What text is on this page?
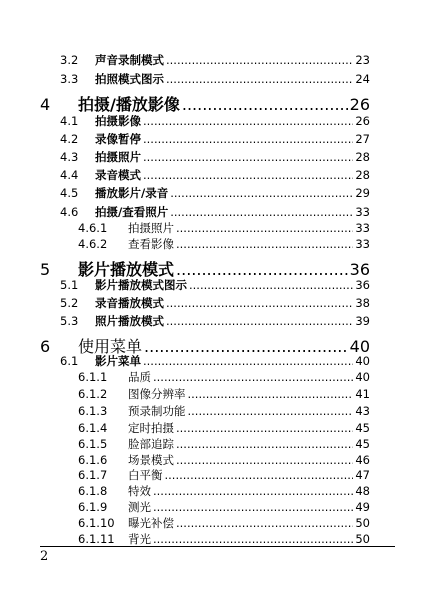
3.2	声音录制模式 .....	23
3.3	拍照模式图示 .....	24
4	拍摄/播放影像 .....	26
4.1	拍摄影像 .....	26
4.2	录像暂停 .....	27
4.3	拍摄照片 .....	28
4.4	录音模式 .....	28
4.5	播放影片/录音 .....	29
4.6	拍摄/查看照片 .....	33
4.6.1	拍摄照片 .....	33
4.6.2	查看影像 .....	33
5	影片播放模式 .....	36
5.1	影片播放模式图示 .....	36
5.2	录音播放模式 .....	38
5.3	照片播放模式 .....	39
6	使用菜单 .....	40
6.1	影片菜单 .....	40
6.1.1	品质 .....	40
6.1.2	图像分辨率 .....	41
6.1.3	预录制功能 .....	43
6.1.4	定时拍摄 .....	45
6.1.5	脸部追踪 .....	45
6.1.6	场景模式 .....	46
6.1.7	白平衡 .....	47
6.1.8	特效 .....	48
6.1.9	测光 .....	49
6.1.10	曝光补偿 .....	50
6.1.11	背光 .....	50
2
